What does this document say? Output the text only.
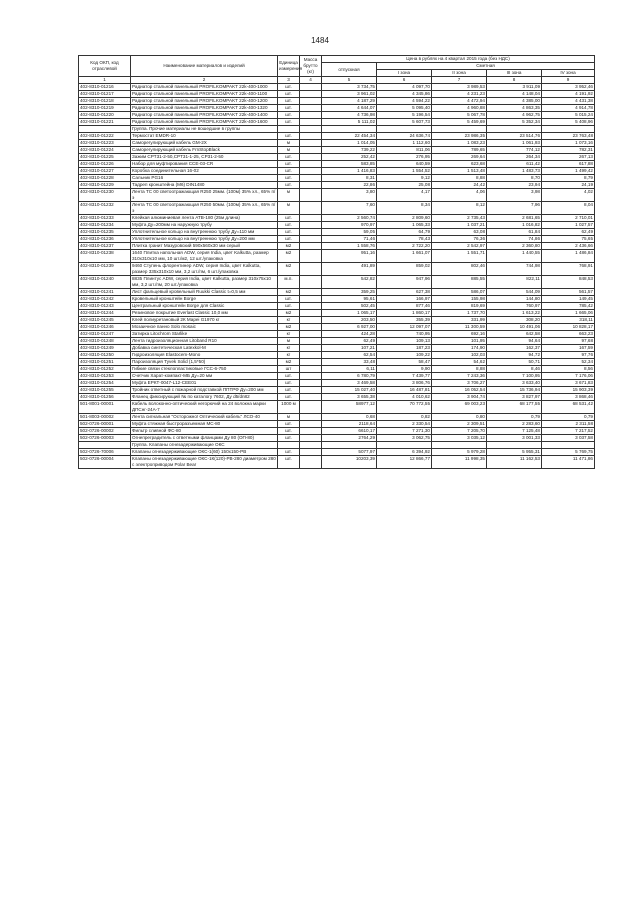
1484
Код ОКП, код отраслевой	Наименование материалов и изделий	Единица измерения	Масса брутто (кг)	Цена в рублях на 4 квартал 2015 года (без НДС)				
				отпускная	Сметная			
					I зона	II зона	III зона	IV зона
1	2	3	4	5	6	7	8	9
402-8310-01216	Радиатор стальной панельный PROFILKOMPAKT 22k-400-1000	шт.		3 734,75	4 097,70	3 989,53	3 911,09	3 952,46
402-8310-01217	Радиатор стальной панельный PROFILKOMPAKT 22k-400-1100	шт.		3 961,02	4 345,86	4 231,23	4 148,04	4 191,92
402-8310-01218	Радиатор стальной панельный PROFILKOMPAKT 22k-400-1200	шт.		4 187,29	4 594,22	4 472,94	4 385,00	4 431,38
402-8310-01219	Радиатор стальной панельный PROFILKOMPAKT 22k-400-1320	шт.		4 644,07	5 095,40	4 960,88	4 863,35	4 914,78
402-8310-01220	Радиатор стальной панельный PROFILKOMPAKT 22k-400-1400	шт.		4 736,98	5 196,54	5 067,78	4 962,75	5 015,24
402-8310-01221	Радиатор стальной панельный PROFILKOMPAKT 22k-400-1600	шт.		5 111,02	5 607,73	5 459,69	5 352,34	5 408,96
	Группа. Прочие материалы не вошедшие в группы							
402-8310-01222	Термостат EMDR-10	шт.		22 454,34	24 636,74	23 986,35	23 514,76	23 763,48
402-8310-01223	Саморегулирующий кабель GM-2X	м		1 014,05	1 112,60	1 083,23	1 061,93	1 073,16
402-8310-01224	Саморегулирующий кабель FrnStopBlack	м		739,22	811,06	789,65	774,12	782,31
402-8310-01225	Зажим CPT31-2-50,CPT31-1-25, CP31-2-50	шт.		252,42	276,95	269,64	264,34	267,13
402-8310-01226	Набор для муфтирования CCE-03-CR	шт.		583,85	640,59	623,68	611,42	617,88
402-8310-01227	Коробка соединительная 16-02	шт.		1 416,83	1 554,52	1 513,48	1 483,73	1 499,42
402-8310-01228	Сальник PG16	шт.		8,31	9,12	8,88	8,70	8,79
402-8310-01229	Тадреп кронштейна (M6) DIN1480	шт.		22,86	25,08	24,42	23,94	24,19
402-8310-01230	Лента TC 00 светоотражающая R250 25мм. (100м) 35% хл., 65% п/э	м		3,80	4,17	4,06	3,98	4,02
402-8310-01232	Лента TC 00 светоотражающая R250 50мм. (100м) 35% хл., 65% п/э	м		7,60	8,34	8,12	7,96	8,04
402-8310-01233	Клейкая алюминиевая лента ATB-180 (25м длина)	шт.		2 560,74	2 809,60	2 735,43	2 681,65	2 710,01
402-8310-01234	Муфта Ду=200мм на наружную трубу	шт.		970,97	1 065,33	1 037,21	1 016,82	1 027,57
402-8310-01235	Уплотнительное кольцо на внутреннюю трубу Ду=110 мм	шт.		59,05	64,79	63,08	61,84	62,49
402-8310-01236	Уплотнительное кольцо на внутреннюю трубу Ду=200 мм	шт.		71,46	78,43	76,36	74,86	75,65
402-8310-01237	Плитка гранит Мазуровский 590x560x30 мм серый	м2		1 558,76	2 722,20	2 542,97	2 360,80	2 436,66
402-8310-01238	1640 Плитка напольная ADW, серия India, цвет Kalkutta, размер 310x310x10 мм, 10 шт./м2, 12 шт./упаковка	м2		951,16	1 661,07	1 551,71	1 440,55	1 486,84
402-8310-01239	9460 Ступень флорентинер ADW, серия India, цвет Kalkutta, размер 335x310x10 мм, 3,2 шт./пм, 6 шт./упаковка	м2		491,89	859,02	802,46	744,98	768,91
402-8310-01240	8835 Плинтус ADW, серия India, цвет Kalkutta, размер 310x75x10 мм, 3,2 шт./пм, 20 шт./упаковка	м.п.		542,82	947,96	885,55	822,11	848,53
402-8310-01241	Лист фальцевый кровельный Ruukki Classic t=0,5 мм	м2		359,25	627,38	586,07	544,09	561,57
402-8310-01242	Кровельный кронштейн Borge	шт.		95,61	166,97	155,98	144,80	149,45
402-8310-01243	Центральный кронштейн Borge для Classic	шт.		502,45	877,46	819,69	760,97	785,42
402-8310-01244	Резиновое покрытие Everlast Classic 10,0 мм	м2		1 065,17	1 860,17	1 737,70	1 613,22	1 665,06
402-8310-01245	Клей полиуретановый 2К Mapei G1970 кг	кг		203,50	355,39	331,99	308,20	318,11
402-8310-01246	Мозаичное панно Solo mosaic	м2		6 927,00	12 097,07	11 300,59	10 491,06	10 828,17
402-8310-01247	Затирка Litochrom Starlike	кг		424,28	740,95	692,16	642,58	663,23
402-8310-01248	Лента гидроизоляционная Litoband R10	м		62,49	109,13	101,95	94,64	97,68
402-8310-01249	Добавка синтетическая Latexkol-M	кг		107,21	187,23	174,90	162,37	167,59
402-8310-01250	Гидроизоляция Elastocem-Mono	кг		62,54	109,22	102,03	94,72	97,76
402-8310-01251	Пароизоляция Tyvek Solid (1,5*50)	м2		33,48	58,47	54,62	50,71	52,34
402-8310-01252	Гибкие связи стеклопластиковые ГСС-6-750	шт		6,11	9,90	8,88	8,46	8,56
402-8310-01253	Счетчик Харат-компакт-МБ Ду=20 мм	шт.		6 780,79	7 439,77	7 243,36	7 100,95	7 176,06
402-8310-01254	Муфта ЕРКТ-0047-L12-CEE01	шт.		3 469,58	3 806,76	3 706,27	3 633,40	3 671,83
402-8310-01255	Тройник ответный с пожарной подставкой ППТРФ Ду=200 мм	шт.		15 027,40	16 487,81	16 052,54	15 736,94	15 903,39
402-8310-01256	Фланец фиксирующий № по каталогу 7602, Ду d5/dn82	шт.		3 655,38	4 010,62	3 904,74	3 827,97	3 868,46
501-8001-00001	Кабель волоконно-оптический негорючий на 24 волокна марки ДПСнг-24А-7	1000 м		58977,12	70 772,55	69 003,23	68 177,55	68 531,42
501-8003-00002	Лента сигнальная "Осторожно! Оптический кабель" ЛСО-40	м		0,68	0,82	0,80	0,79	0,79
502-0726-00001	Муфта стяжная быстроразъемная МС-80	шт.		2118,64	2 330,54	2 309,51	2 283,60	2 311,58
502-0726-00002	Фильтр сливной ФС-80	шт.		6610,17	7 271,30	7 205,70	7 125,48	7 217,52
502-0726-00003	Огнепреградитель с ответными фланцами Ду 80 (ОП-80)	шт.		2764,29	3 062,75	3 035,12	3 001,33	3 037,58
	Группа. Клапаны огнезадерживающие ОКС							
502-0726-70006	Клапаны огнезадерживающие ОКС-1(60) 150x150-РВ	шт.		5077,97	6 394,92	5 979,28	5 955,31	5 769,75
502-0726-00004	Клапаны огнезадерживающие ОКС-1К(120)-РВ-280 диаметром 280 с электроприводом Polar Bear	шт.		10203,39	12 866,77	11 998,35	11 162,53	11 471,86
